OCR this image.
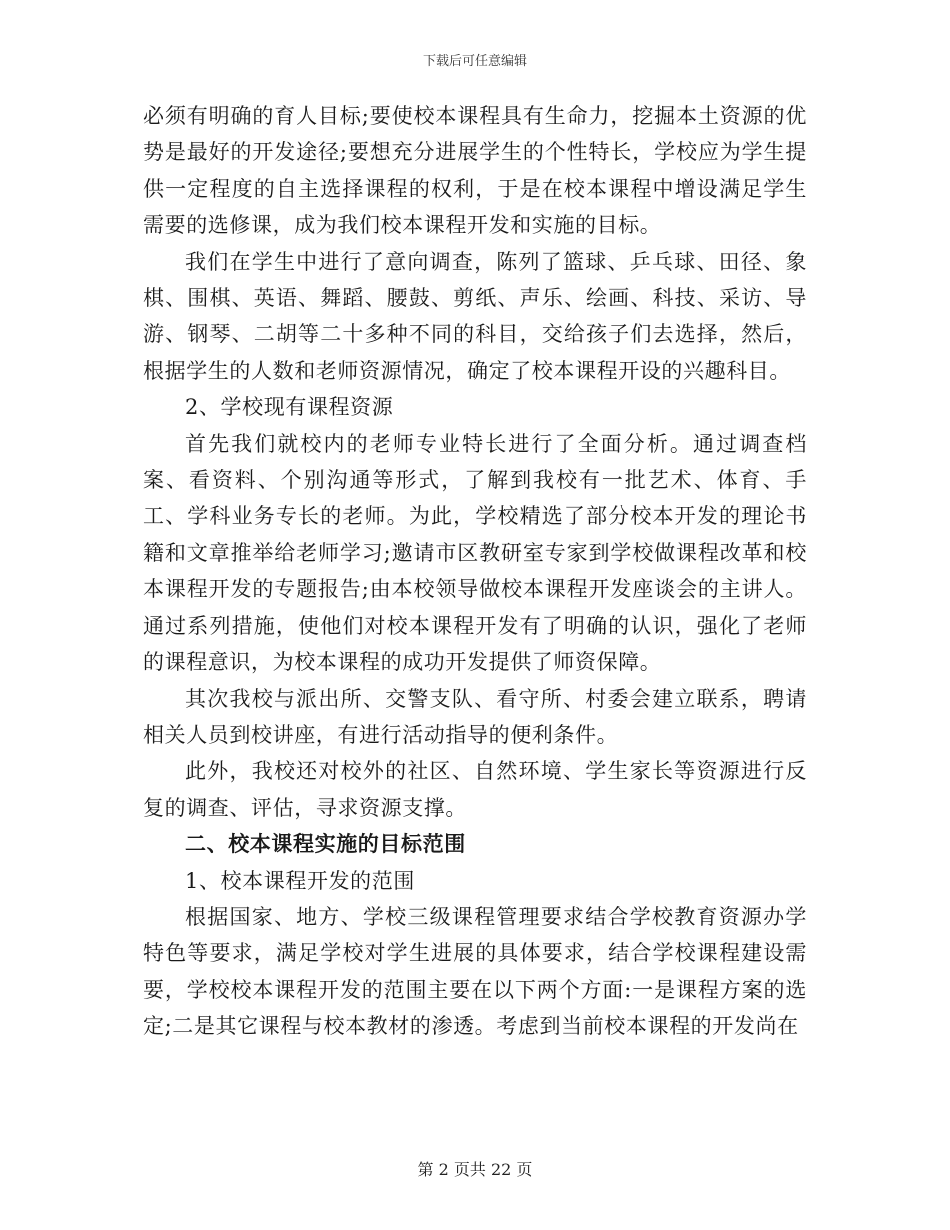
下载后可任意编辑

必须有明确的育人目标;要使校本课程具有生命力，挖掘本土资源的优势是最好的开发途径;要想充分进展学生的个性特长，学校应为学生提供一定程度的自主选择课程的权利，于是在校本课程中增设满足学生需要的选修课，成为我们校本课程开发和实施的目标。

我们在学生中进行了意向调查，陈列了篮球、乒乓球、田径、象棋、围棋、英语、舞蹈、腰鼓、剪纸、声乐、绘画、科技、采访、导游、钢琴、二胡等二十多种不同的科目，交给孩子们去选择，然后，根据学生的人数和老师资源情况，确定了校本课程开设的兴趣科目。

2、学校现有课程资源

首先我们就校内的老师专业特长进行了全面分析。通过调查档案、看资料、个别沟通等形式，了解到我校有一批艺术、体育、手工、学科业务专长的老师。为此，学校精选了部分校本开发的理论书籍和文章推举给老师学习;邀请市区教研室专家到学校做课程改革和校本课程开发的专题报告;由本校领导做校本课程开发座谈会的主讲人。通过系列措施，使他们对校本课程开发有了明确的认识，强化了老师的课程意识，为校本课程的成功开发提供了师资保障。

其次我校与派出所、交警支队、看守所、村委会建立联系，聘请相关人员到校讲座，有进行活动指导的便利条件。

此外，我校还对校外的社区、自然环境、学生家长等资源进行反复的调查、评估，寻求资源支撑。

二、校本课程实施的目标范围

1、校本课程开发的范围

根据国家、地方、学校三级课程管理要求结合学校教育资源办学特色等要求，满足学校对学生进展的具体要求，结合学校课程建设需要，学校校本课程开发的范围主要在以下两个方面:一是课程方案的选定;二是其它课程与校本教材的渗透。考虑到当前校本课程的开发尚在

第 2 页共 22 页
